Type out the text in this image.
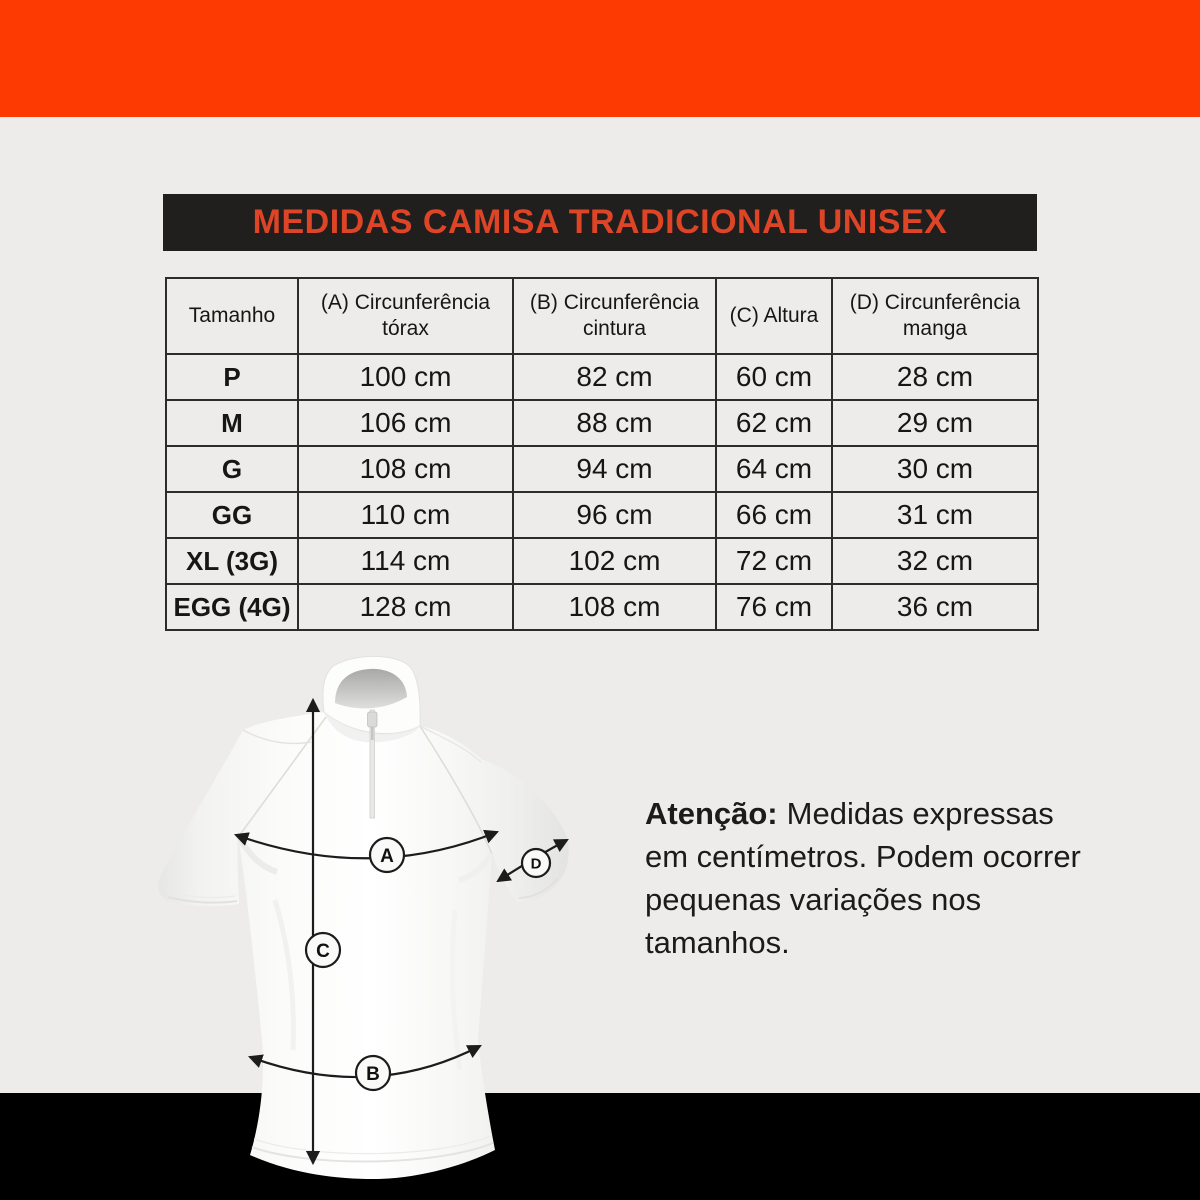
MEDIDAS CAMISA TRADICIONAL UNISEX
Tamanho	(A) Circunferência tórax	(B) Circunferência cintura	(C) Altura	(D) Circunferência manga
P	100 cm	82 cm	60 cm	28 cm
M	106 cm	88 cm	62 cm	29 cm
G	108 cm	94 cm	64 cm	30 cm
GG	110 cm	96 cm	66 cm	31 cm
XL (3G)	114 cm	102 cm	72 cm	32 cm
EGG (4G)	128 cm	108 cm	76 cm	36 cm
A
B
C
D
Atenção: Medidas expressas
em centímetros. Podem ocorrer
pequenas variações nos tamanhos.
